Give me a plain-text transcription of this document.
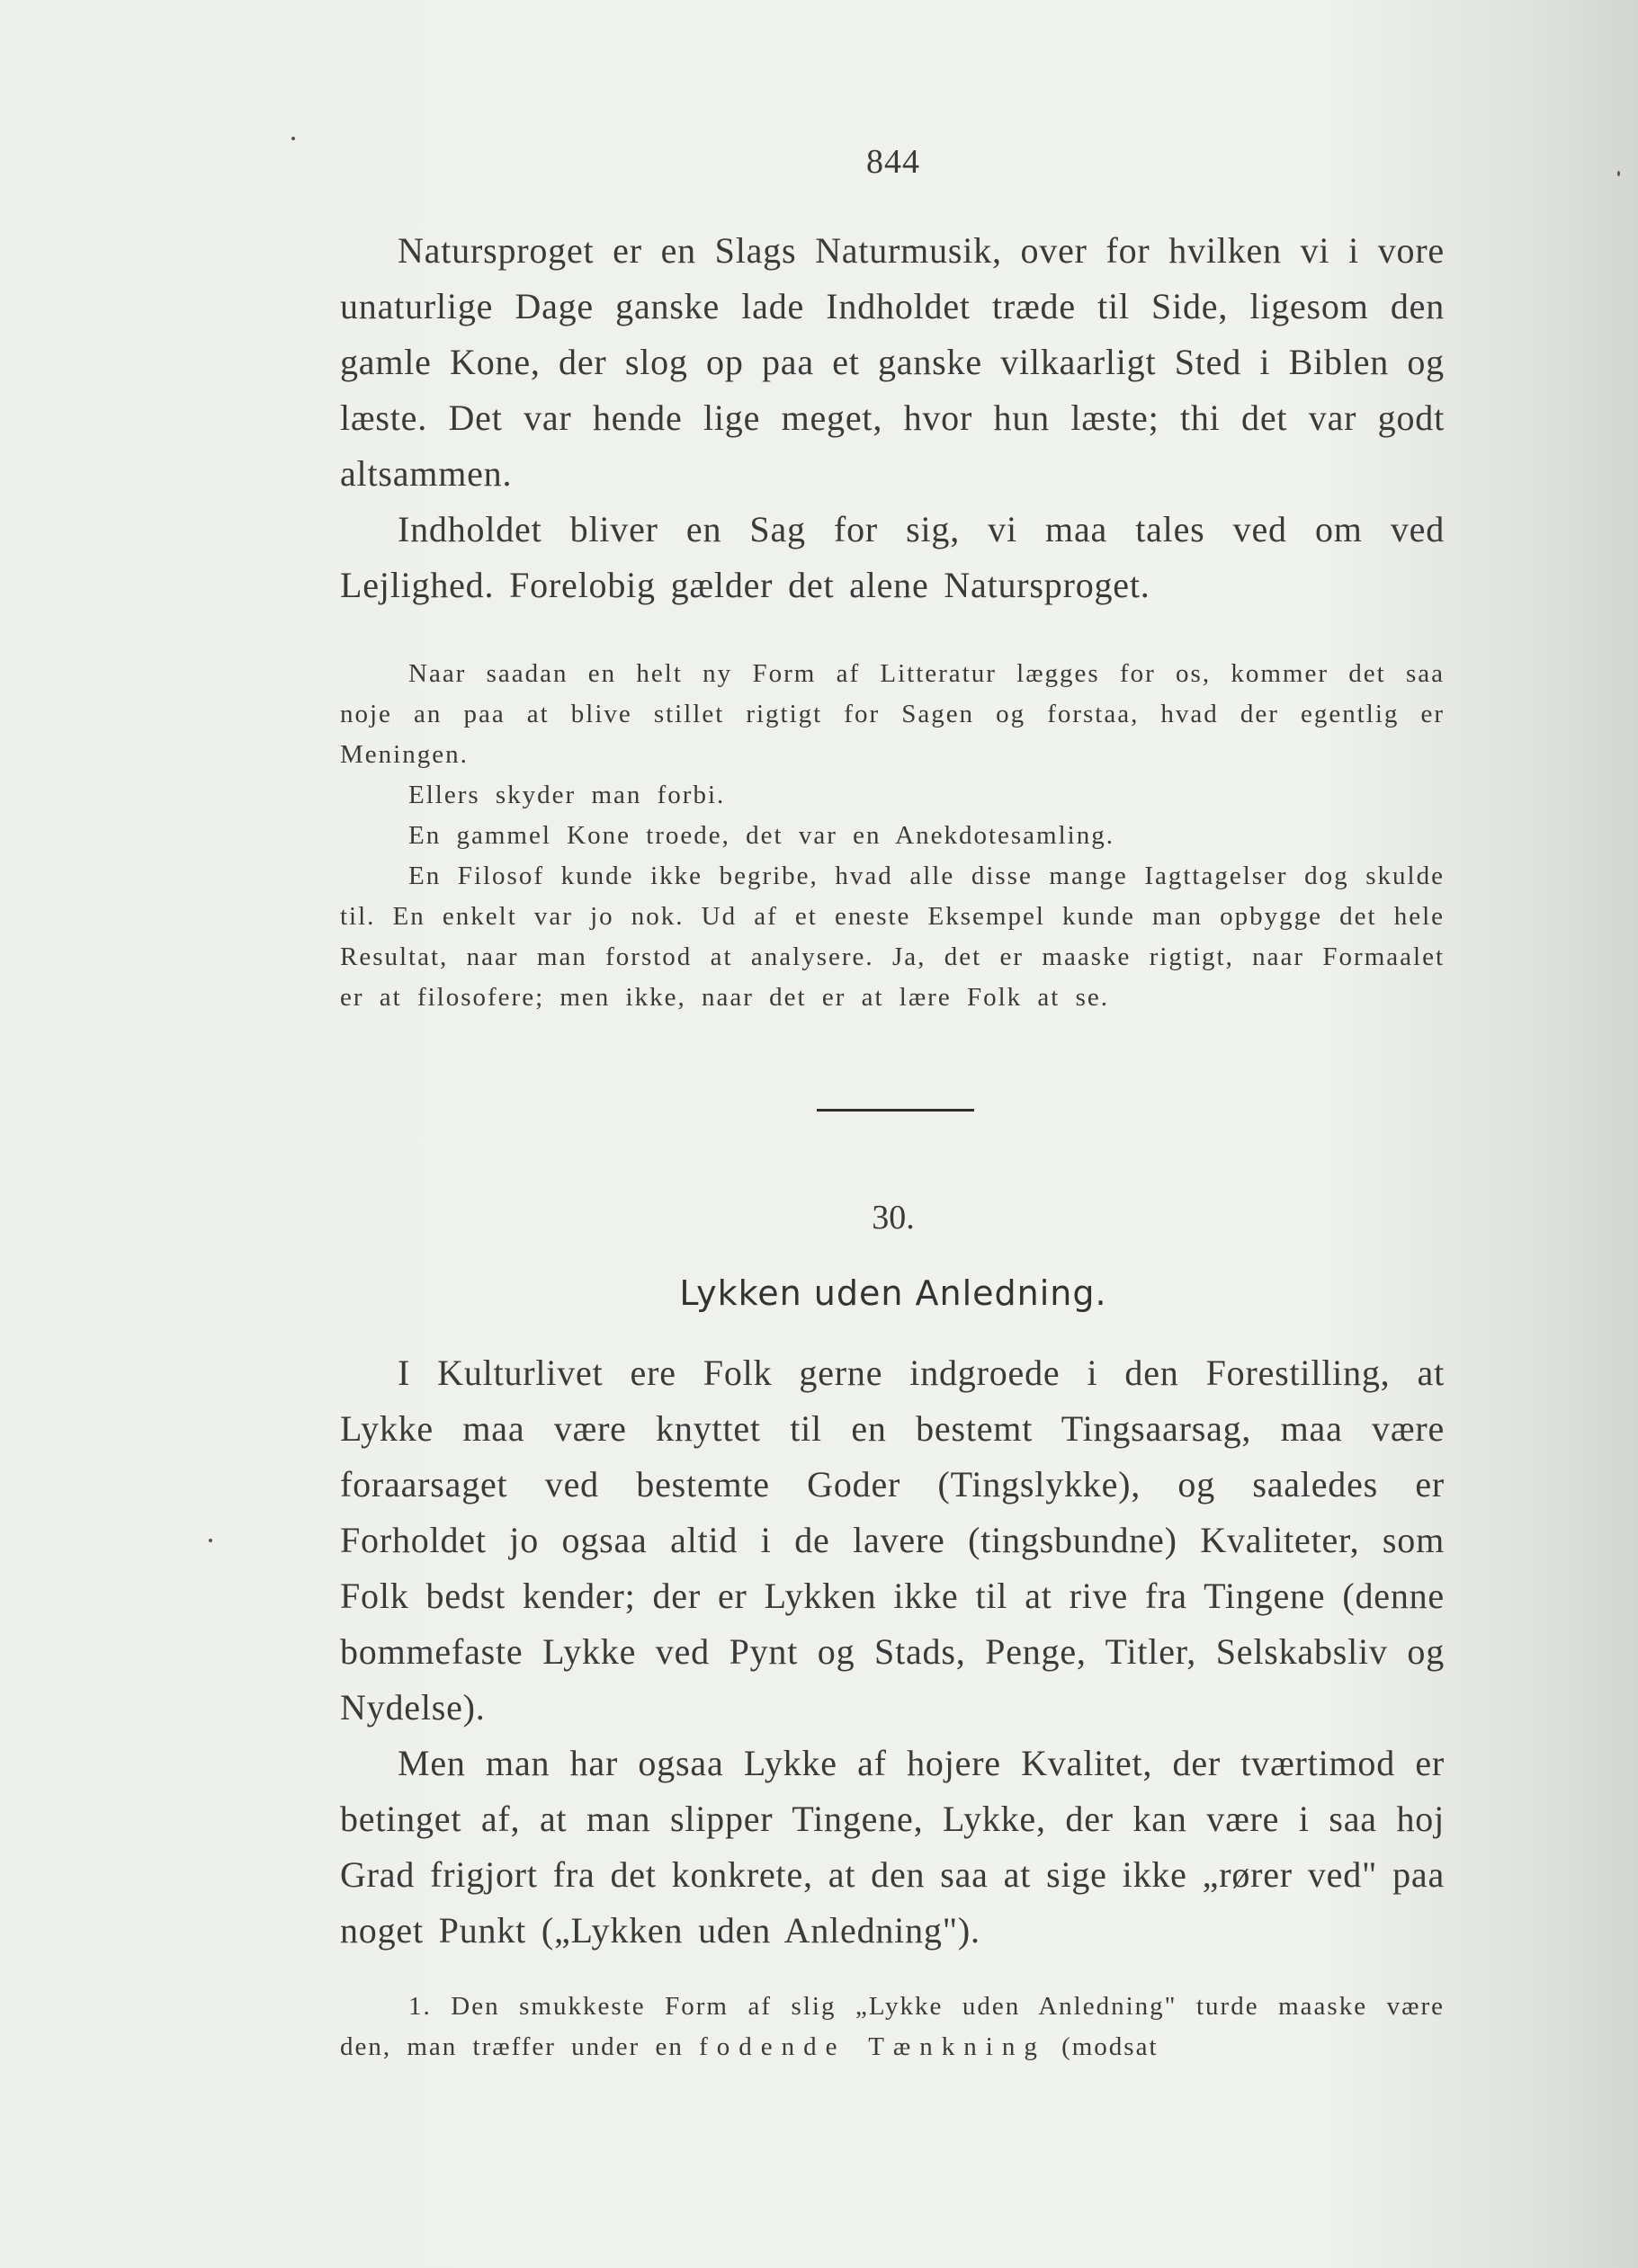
844

Natursproget er en Slags Naturmusik, over for hvilken vi i vore unaturlige Dage ganske lade Indholdet træde til Side, ligesom den gamle Kone, der slog op paa et ganske vilkaarligt Sted i Biblen og læste. Det var hende lige meget, hvor hun læste; thi det var godt altsammen.

Indholdet bliver en Sag for sig, vi maa tales ved om ved Lejlighed. Forelobig gælder det alene Natursproget.

Naar saadan en helt ny Form af Litteratur lægges for os, kommer det saa noje an paa at blive stillet rigtigt for Sagen og forstaa, hvad der egentlig er Meningen.

Ellers skyder man forbi.

En gammel Kone troede, det var en Anekdotesamling.

En Filosof kunde ikke begribe, hvad alle disse mange Iagttagelser dog skulde til. En enkelt var jo nok. Ud af et eneste Eksempel kunde man opbygge det hele Resultat, naar man forstod at analysere. Ja, det er maaske rigtigt, naar Formaalet er at filosofere; men ikke, naar det er at lære Folk at se.

30.
Lykken uden Anledning.

I Kulturlivet ere Folk gerne indgroede i den Forestilling, at Lykke maa være knyttet til en bestemt Tingsaarsag, maa være foraarsaget ved bestemte Goder (Tingslykke), og saaledes er Forholdet jo ogsaa altid i de lavere (tingsbundne) Kvaliteter, som Folk bedst kender; der er Lykken ikke til at rive fra Tingene (denne bommefaste Lykke ved Pynt og Stads, Penge, Titler, Selskabsliv og Nydelse).

Men man har ogsaa Lykke af hojere Kvalitet, der tværtimod er betinget af, at man slipper Tingene, Lykke, der kan være i saa hoj Grad frigjort fra det konkrete, at den saa at sige ikke „rører ved" paa noget Punkt („Lykken uden Anledning").

1. Den smukkeste Form af slig „Lykke uden Anledning" turde maaske være den, man træffer under en fodende Tænkning (modsat
